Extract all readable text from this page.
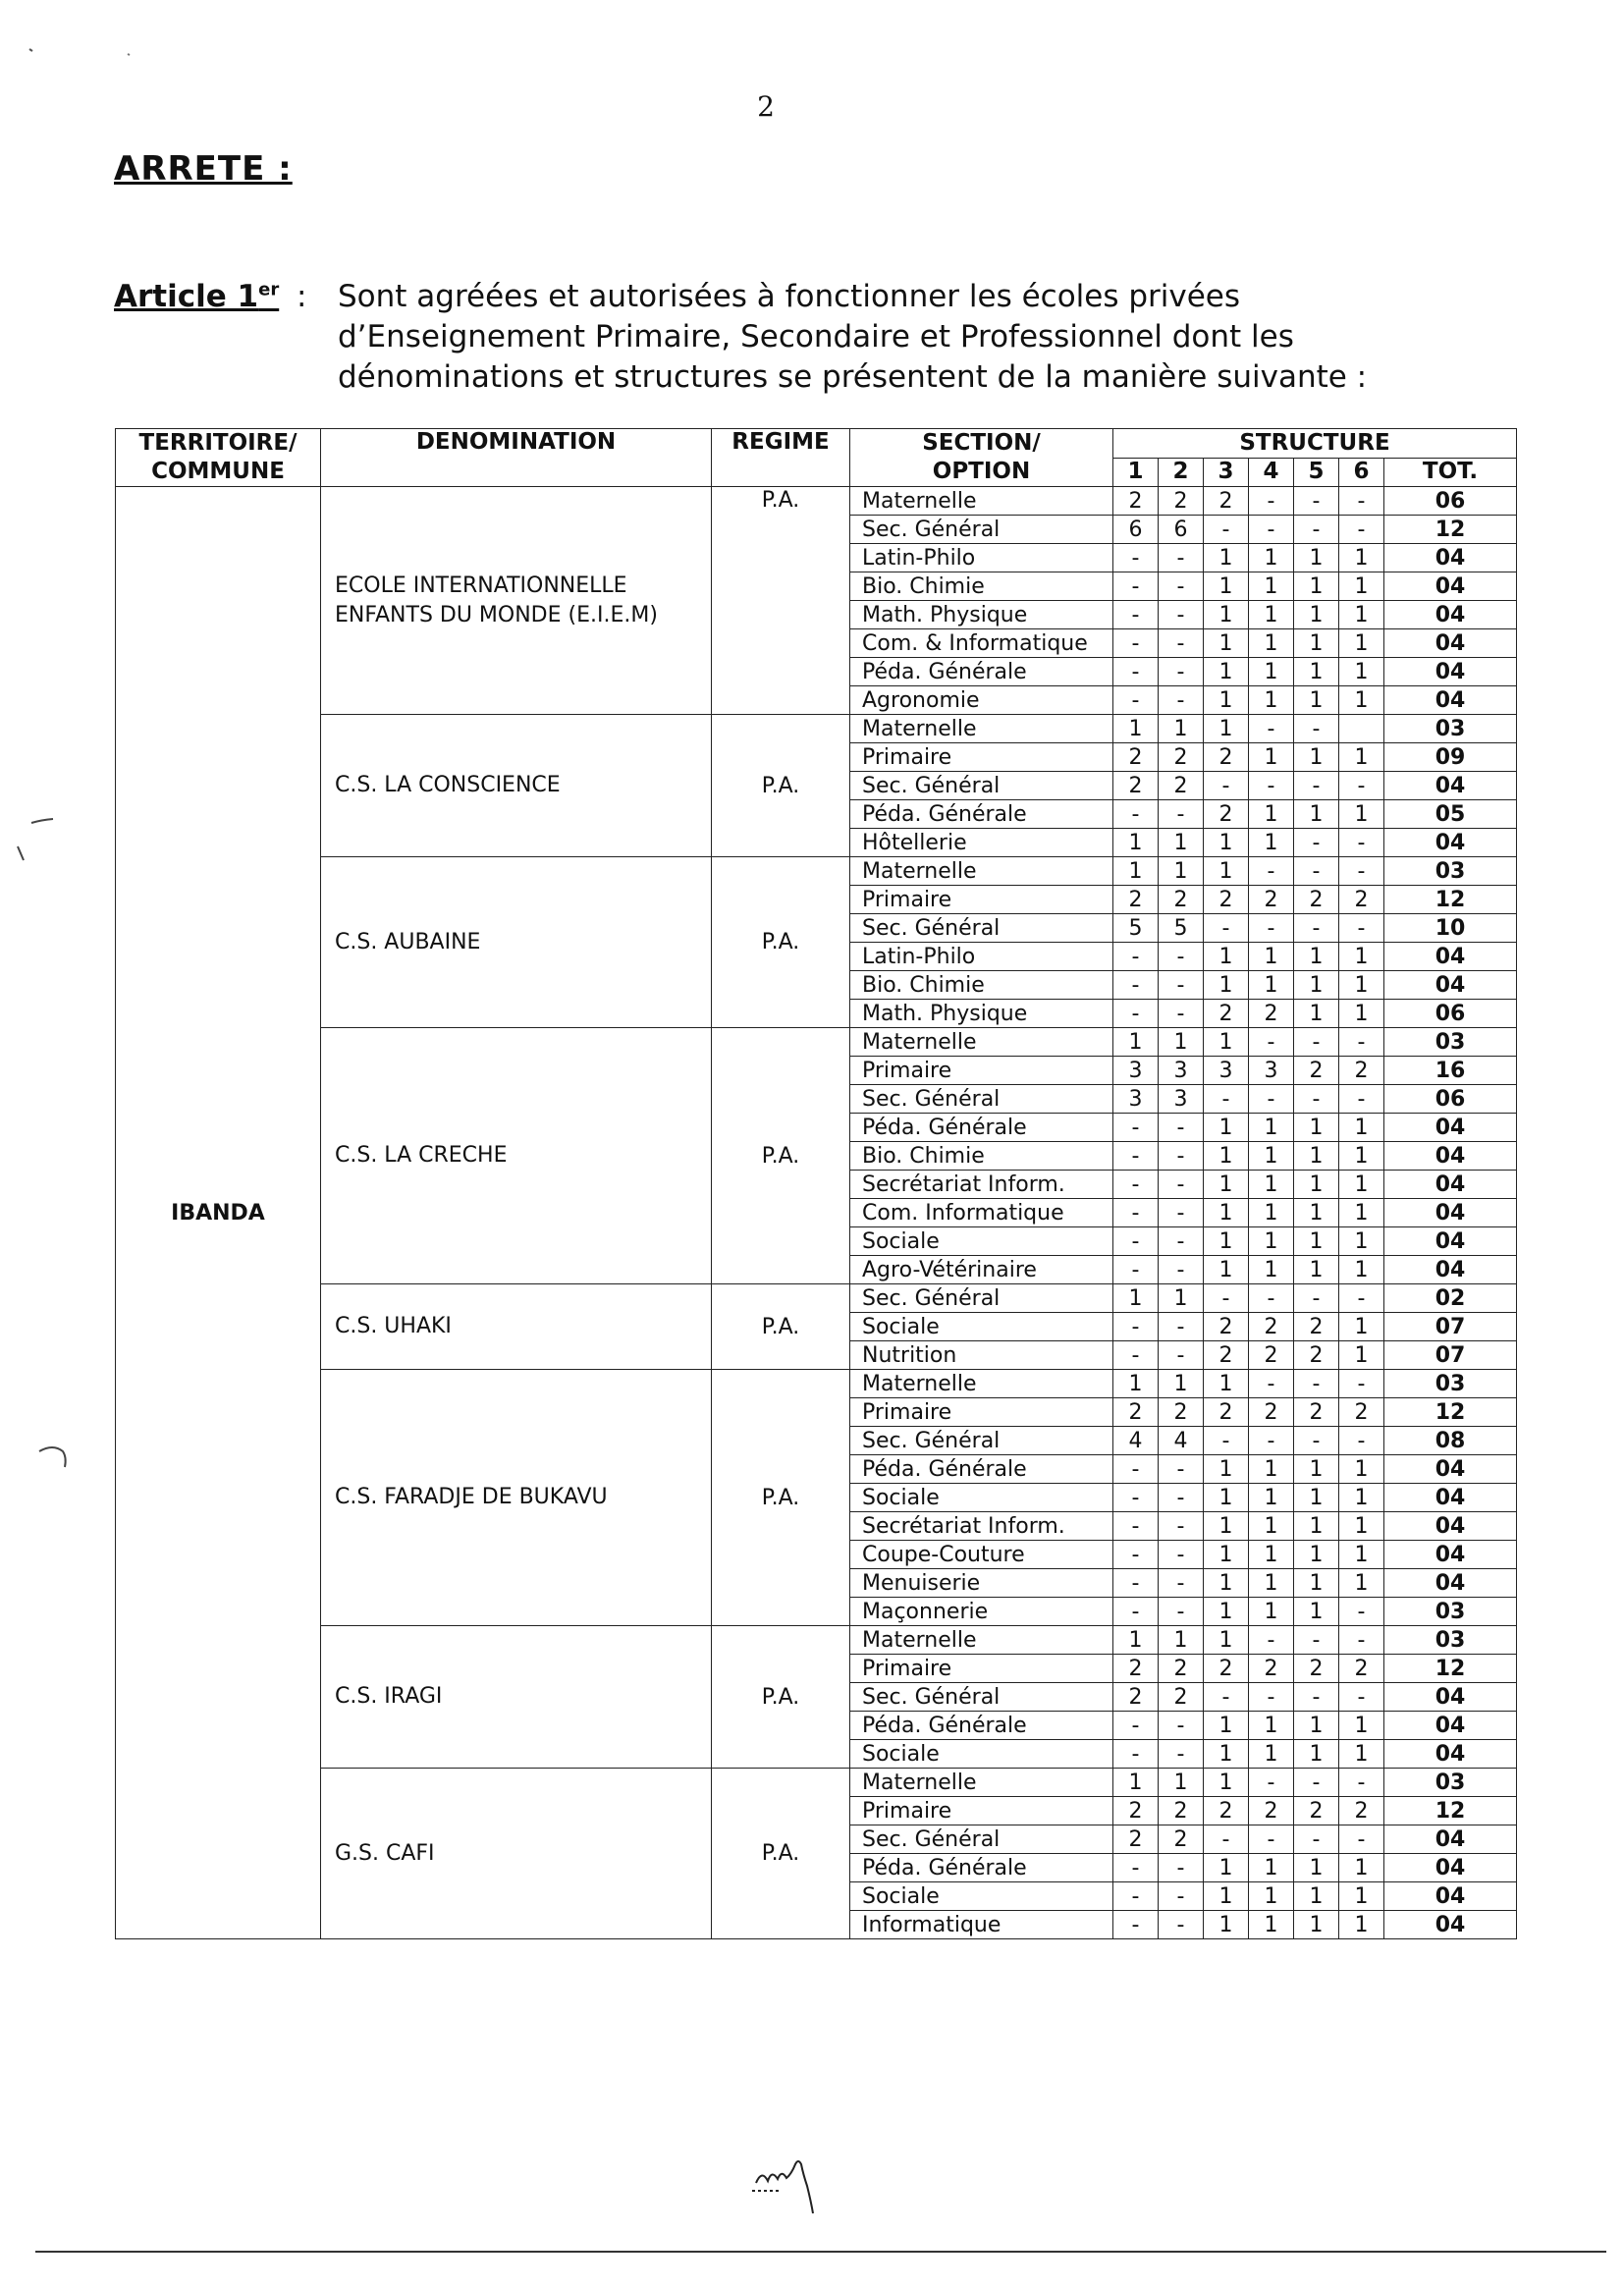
2
ARRETE :
Article 1er : Sont agréées et autorisées à fonctionner les écoles privées d’Enseignement Primaire, Secondaire et Professionnel dont les dénominations et structures se présentent de la manière suivante :
TERRITOIRE/ COMMUNE	DENOMINATION	REGIME	SECTION/ OPTION	STRUCTURE						
				1	2	3	4	5	6	TOT.
IBANDA	ECOLE INTERNATIONNELLE ENFANTS DU MONDE (E.I.E.M)	P.A.	Maternelle	2	2	2	-	-	-	06
			Sec. Général	6	6	-	-	-	-	12
			Latin-Philo	-	-	1	1	1	1	04
			Bio. Chimie	-	-	1	1	1	1	04
			Math. Physique	-	-	1	1	1	1	04
			Com. & Informatique	-	-	1	1	1	1	04
			Péda. Générale	-	-	1	1	1	1	04
			Agronomie	-	-	1	1	1	1	04
	C.S. LA CONSCIENCE	P.A.	Maternelle	1	1	1	-	-		03
			Primaire	2	2	2	1	1	1	09
			Sec. Général	2	2	-	-	-	-	04
			Péda. Générale	-	-	2	1	1	1	05
			Hôtellerie	1	1	1	1	-	-	04
	C.S. AUBAINE	P.A.	Maternelle	1	1	1	-	-	-	03
			Primaire	2	2	2	2	2	2	12
			Sec. Général	5	5	-	-	-	-	10
			Latin-Philo	-	-	1	1	1	1	04
			Bio. Chimie	-	-	1	1	1	1	04
			Math. Physique	-	-	2	2	1	1	06
	C.S. LA CRECHE	P.A.	Maternelle	1	1	1	-	-	-	03
			Primaire	3	3	3	3	2	2	16
			Sec. Général	3	3	-	-	-	-	06
			Péda. Générale	-	-	1	1	1	1	04
			Bio. Chimie	-	-	1	1	1	1	04
			Secrétariat Inform.	-	-	1	1	1	1	04
			Com. Informatique	-	-	1	1	1	1	04
			Sociale	-	-	1	1	1	1	04
			Agro-Vétérinaire	-	-	1	1	1	1	04
	C.S. UHAKI	P.A.	Sec. Général	1	1	-	-	-	-	02
			Sociale	-	-	2	2	2	1	07
			Nutrition	-	-	2	2	2	1	07
	C.S. FARADJE DE BUKAVU	P.A.	Maternelle	1	1	1	-	-	-	03
			Primaire	2	2	2	2	2	2	12
			Sec. Général	4	4	-	-	-	-	08
			Péda. Générale	-	-	1	1	1	1	04
			Sociale	-	-	1	1	1	1	04
			Secrétariat Inform.	-	-	1	1	1	1	04
			Coupe-Couture	-	-	1	1	1	1	04
			Menuiserie	-	-	1	1	1	1	04
			Maçonnerie	-	-	1	1	1	-	03
	C.S. IRAGI	P.A.	Maternelle	1	1	1	-	-	-	03
			Primaire	2	2	2	2	2	2	12
			Sec. Général	2	2	-	-	-	-	04
			Péda. Générale	-	-	1	1	1	1	04
			Sociale	-	-	1	1	1	1	04
	G.S. CAFI	P.A.	Maternelle	1	1	1	-	-	-	03
			Primaire	2	2	2	2	2	2	12
			Sec. Général	2	2	-	-	-	-	04
			Péda. Générale	-	-	1	1	1	1	04
			Sociale	-	-	1	1	1	1	04
			Informatique	-	-	1	1	1	1	04
